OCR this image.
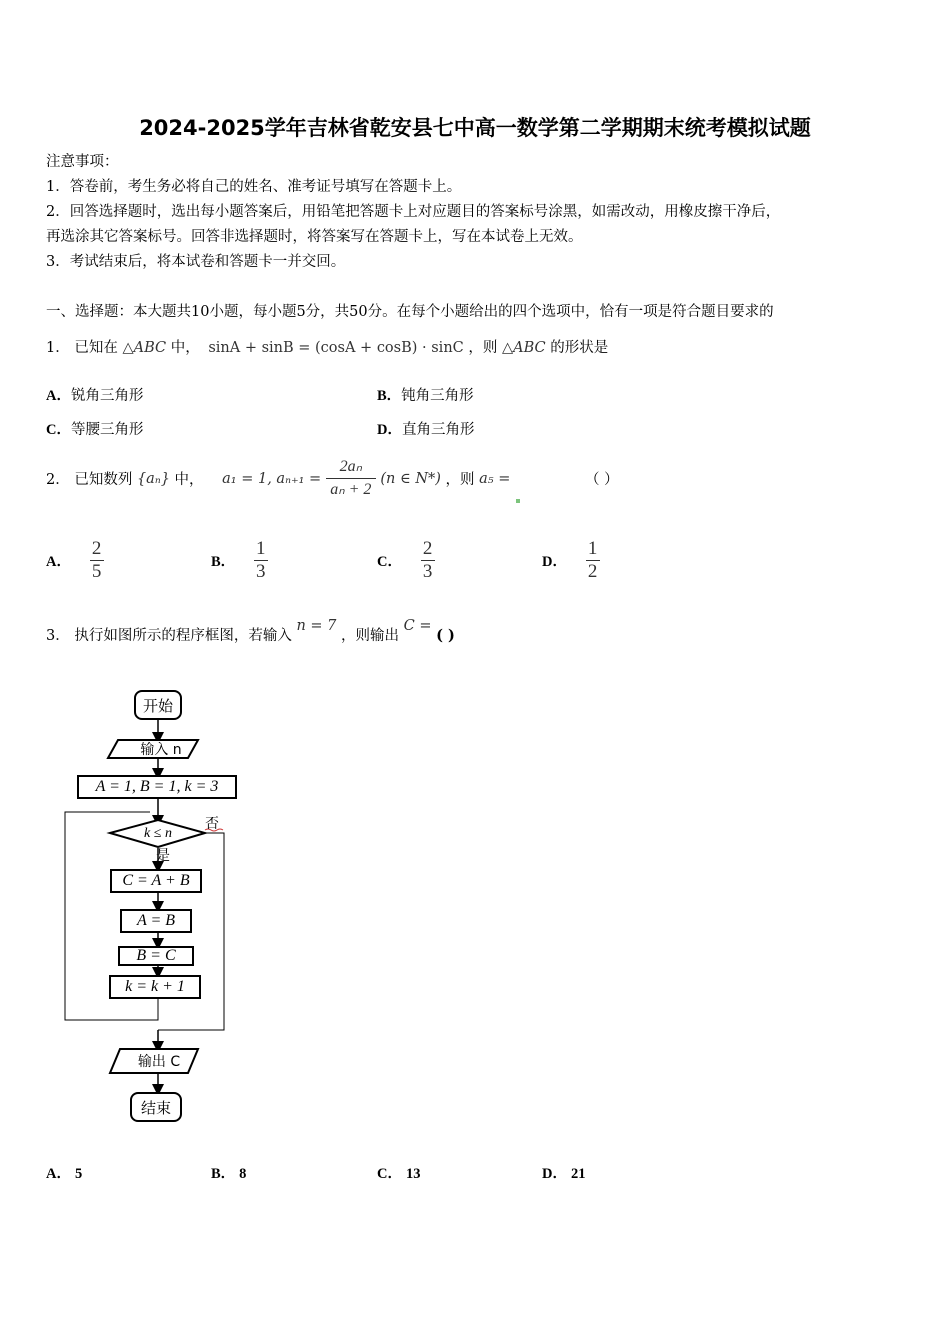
2024-2025学年吉林省乾安县七中高一数学第二学期期末统考模拟试题
注意事项：
1．答卷前，考生务必将自己的姓名、准考证号填写在答题卡上。
2．回答选择题时，选出每小题答案后，用铅笔把答题卡上对应题目的答案标号涂黑，如需改动，用橡皮擦干净后，
再选涂其它答案标号。回答非选择题时，将答案写在答题卡上，写在本试卷上无效。
3．考试结束后，将本试卷和答题卡一并交回。
一、选择题：本大题共10小题，每小题5分，共50分。在每个小题给出的四个选项中，恰有一项是符合题目要求的
1． 已知在 △ABC 中， sinA + sinB = (cosA + cosB) · sinC ，则 △ABC 的形状是
A．锐角三角形	B．钝角三角形
C．等腰三角形	D．直角三角形
2． 已知数列 {aₙ} 中， a₁ = 1, $a_{n+1} = \frac{\text{2aₙ}}{\text{aₙ + 2}} (n$ ∈ N*) ，则 a₅ =	（ ）
A． $\frac{2}{5}$	B． $\frac{1}{3}$	C． $\frac{2}{3}$	D． $\frac{1}{2}$
3． 执行如图所示的程序框图，若输入 n = 7 ，则输出 C = ( )
开始
输入 n
A = 1, B = 1, k = 3
k ≤ n
否
是
C = A + B
A = B
B = C
k = k + 1
输出 C
结束
A． 5	B． 8	C． 13	D． 21
